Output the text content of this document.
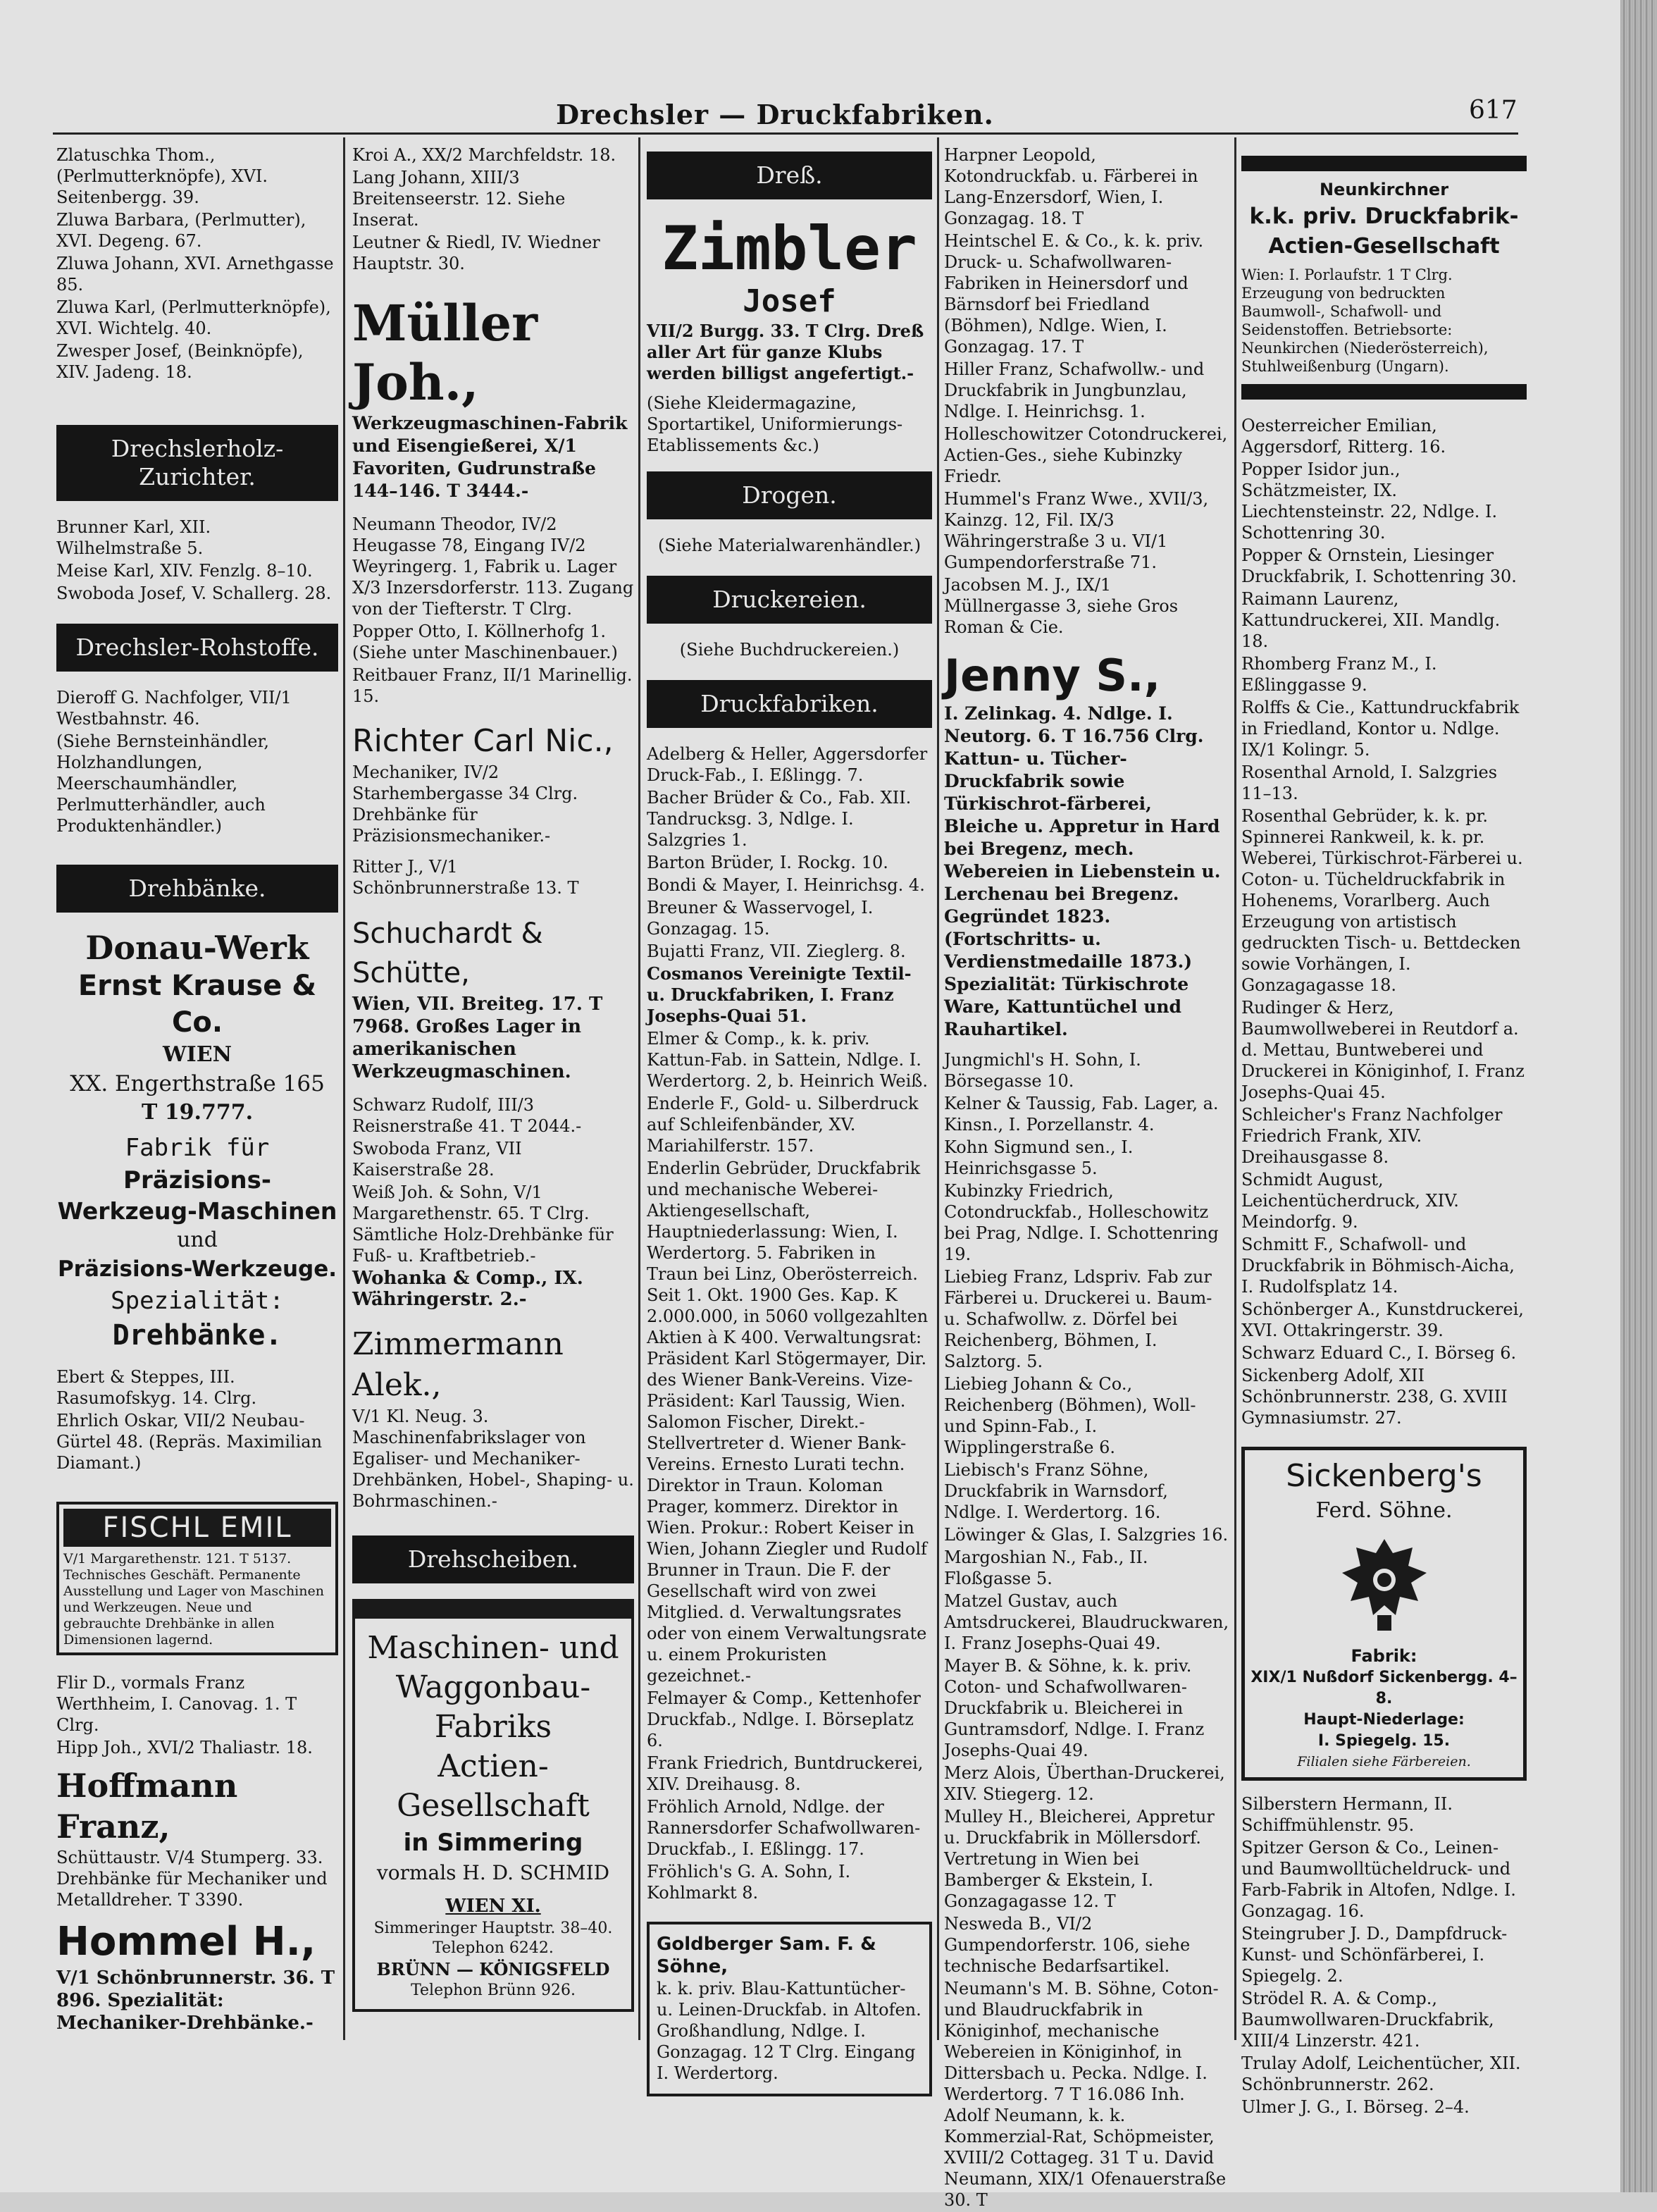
Drechsler — Druckfabriken.	617

Zlatuschka Thom., (Perlmutterknöpfe), XVI. Seitenbergg. 39.

Zluwa Barbara, (Perlmutter), XVI. Degeng. 67.

Zluwa Johann, XVI. Arnethgasse 85.

Zluwa Karl, (Perlmutterknöpfe), XVI. Wichtelg. 40.

Zwesper Josef, (Beinknöpfe), XIV. Jadeng. 18.

Drechslerholz-Zurichter.

Brunner Karl, XII. Wilhelmstraße 5.

Meise Karl, XIV. Fenzlg. 8–10.

Swoboda Josef, V. Schallerg. 28.

Drechsler-Rohstoffe.

Dieroff G. Nachfolger, VII/1 Westbahnstr. 46.

(Siehe Bernsteinhändler, Holzhandlungen, Meerschaumhändler, Perlmutterhändler, auch Produktenhändler.)

Drehbänke.
Donau-Werk
Ernst Krause & Co.
WIEN
XX. Engerthstraße 165
T 19.777.
Fabrik für
Präzisions-
Werkzeug-Maschinen
und
Präzisions-Werkzeuge.
Spezialität:
Drehbänke.

Ebert & Steppes, III. Rasumofskyg. 14. Clrg.

Ehrlich Oskar, VII/2 Neubau-Gürtel 48. (Repräs. Maximilian Diamant.)

FISCHL EMIL
V/1 Margarethenstr. 121. T 5137. Technisches Geschäft. Permanente Ausstellung und Lager von Maschinen und Werkzeugen. Neue und gebrauchte Drehbänke in allen Dimensionen lagernd.

Flir D., vormals Franz Werthheim, I. Canovag. 1. T Clrg.

Hipp Joh., XVI/2 Thaliastr. 18.

Hoffmann Franz,

Schüttaustr. V/4 Stumperg. 33. Drehbänke für Mechaniker und Metalldreher. T 3390.

Hommel H.,

V/1 Schönbrunnerstr. 36. T 896. Spezialität: Mechaniker-Drehbänke.-

Kroi A., XX/2 Marchfeldstr. 18.

Lang Johann, XIII/3 Breitenseerstr. 12. Siehe Inserat.

Leutner & Riedl, IV. Wiedner Hauptstr. 30.

Müller Joh.,

Werkzeugmaschinen-Fabrik und Eisengießerei, X/1 Favoriten, Gudrunstraße 144–146. T 3444.-

Neumann Theodor, IV/2 Heugasse 78, Eingang IV/2 Weyringerg. 1, Fabrik u. Lager X/3 Inzersdorferstr. 113. Zugang von der Tiefterstr. T Clrg.

Popper Otto, I. Köllnerhofg 1. (Siehe unter Maschinenbauer.)

Reitbauer Franz, II/1 Marinellig. 15.

Richter Carl Nic.,

Mechaniker, IV/2 Starhembergasse 34 Clrg. Drehbänke für Präzisionsmechaniker.-

Ritter J., V/1 Schönbrunnerstraße 13. T

Schuchardt & Schütte,

Wien, VII. Breiteg. 17. T 7968. Großes Lager in amerikanischen Werkzeugmaschinen.

Schwarz Rudolf, III/3 Reisnerstraße 41. T 2044.-

Swoboda Franz, VII Kaiserstraße 28.

Weiß Joh. & Sohn, V/1 Margarethenstr. 65. T Clrg. Sämtliche Holz-Drehbänke für Fuß- u. Kraftbetrieb.-

Wohanka & Comp., IX. Währingerstr. 2.-

Zimmermann Alek.,

V/1 Kl. Neug. 3. Maschinenfabrikslager von Egaliser- und Mechaniker-Drehbänken, Hobel-, Shaping- u. Bohrmaschinen.-

Drehscheiben.
Maschinen- und
Waggonbau-Fabriks
Actien-Gesellschaft
in Simmering
vormals H. D. SCHMID
WIEN XI.
Simmeringer Hauptstr. 38–40.
Telephon 6242.
BRÜNN — KÖNIGSFELD
Telephon Brünn 926.
Dreß.
Zimbler
Josef

VII/2 Burgg. 33. T Clrg. Dreß aller Art für ganze Klubs werden billigst angefertigt.-

(Siehe Kleidermagazine, Sportartikel, Uniformierungs-Etablissements &c.)

Drogen.

(Siehe Materialwarenhändler.)

Druckereien.

(Siehe Buchdruckereien.)

Druckfabriken.

Adelberg & Heller, Aggersdorfer Druck-Fab., I. Eßlingg. 7.

Bacher Brüder & Co., Fab. XII. Tandrucksg. 3, Ndlge. I. Salzgries 1.

Barton Brüder, I. Rockg. 10.

Bondi & Mayer, I. Heinrichsg. 4.

Breuner & Wasservogel, I. Gonzagag. 15.

Bujatti Franz, VII. Zieglerg. 8.

Cosmanos Vereinigte Textil- u. Druckfabriken, I. Franz Josephs-Quai 51.

Elmer & Comp., k. k. priv. Kattun-Fab. in Sattein, Ndlge. I. Werdertorg. 2, b. Heinrich Weiß.

Enderle F., Gold- u. Silberdruck auf Schleifenbänder, XV. Mariahilferstr. 157.

Enderlin Gebrüder, Druckfabrik und mechanische Weberei-Aktiengesellschaft, Hauptniederlassung: Wien, I. Werdertorg. 5. Fabriken in Traun bei Linz, Oberösterreich. Seit 1. Okt. 1900 Ges. Kap. K 2.000.000, in 5060 vollgezahlten Aktien à K 400. Verwaltungsrat: Präsident Karl Stögermayer, Dir. des Wiener Bank-Vereins. Vize-Präsident: Karl Taussig, Wien. Salomon Fischer, Direkt.-Stellvertreter d. Wiener Bank-Vereins. Ernesto Lurati techn. Direktor in Traun. Koloman Prager, kommerz. Direktor in Wien. Prokur.: Robert Keiser in Wien, Johann Ziegler und Rudolf Brunner in Traun. Die F. der Gesellschaft wird von zwei Mitglied. d. Verwaltungsrates oder von einem Verwaltungsrate u. einem Prokuristen gezeichnet.-

Felmayer & Comp., Kettenhofer Druckfab., Ndlge. I. Börseplatz 6.

Frank Friedrich, Buntdruckerei, XIV. Dreihausg. 8.

Fröhlich Arnold, Ndlge. der Rannersdorfer Schafwollwaren-Druckfab., I. Eßlingg. 17.

Fröhlich's G. A. Sohn, I. Kohlmarkt 8.

Goldberger Sam. F. & Söhne,

k. k. priv. Blau-Kattuntücher- u. Leinen-Druckfab. in Altofen. Großhandlung, Ndlge. I. Gonzagag. 12 T Clrg. Eingang I. Werdertorg.

Harpner Leopold, Kotondruckfab. u. Färberei in Lang-Enzersdorf, Wien, I. Gonzagag. 18. T

Heintschel E. & Co., k. k. priv. Druck- u. Schafwollwaren-Fabriken in Heinersdorf und Bärnsdorf bei Friedland (Böhmen), Ndlge. Wien, I. Gonzagag. 17. T

Hiller Franz, Schafwollw.- und Druckfabrik in Jungbunzlau, Ndlge. I. Heinrichsg. 1.

Holleschowitzer Cotondruckerei, Actien-Ges., siehe Kubinzky Friedr.

Hummel's Franz Wwe., XVII/3, Kainzg. 12, Fil. IX/3 Währingerstraße 3 u. VI/1 Gumpendorferstraße 71.

Jacobsen M. J., IX/1 Müllnergasse 3, siehe Gros Roman & Cie.

Jenny S.,

I. Zelinkag. 4. Ndlge. I. Neutorg. 6. T 16.756 Clrg. Kattun- u. Tücher-Druckfabrik sowie Türkischrot-färberei, Bleiche u. Appretur in Hard bei Bregenz, mech. Webereien in Liebenstein u. Lerchenau bei Bregenz. Gegründet 1823. (Fortschritts- u. Verdienstmedaille 1873.) Spezialität: Türkischrote Ware, Kattuntüchel und Rauhartikel.

Jungmichl's H. Sohn, I. Börsegasse 10.

Kelner & Taussig, Fab. Lager, a. Kinsn., I. Porzellanstr. 4.

Kohn Sigmund sen., I. Heinrichsgasse 5.

Kubinzky Friedrich, Cotondruckfab., Holleschowitz bei Prag, Ndlge. I. Schottenring 19.

Liebieg Franz, Ldspriv. Fab zur Färberei u. Druckerei u. Baum- u. Schafwollw. z. Dörfel bei Reichenberg, Böhmen, I. Salztorg. 5.

Liebieg Johann & Co., Reichenberg (Böhmen), Woll- und Spinn-Fab., I. Wipplingerstraße 6.

Liebisch's Franz Söhne, Druckfabrik in Warnsdorf, Ndlge. I. Werdertorg. 16.

Löwinger & Glas, I. Salzgries 16.

Margoshian N., Fab., II. Floßgasse 5.

Matzel Gustav, auch Amtsdruckerei, Blaudruckwaren, I. Franz Josephs-Quai 49.

Mayer B. & Söhne, k. k. priv. Coton- und Schafwollwaren-Druckfabrik u. Bleicherei in Guntramsdorf, Ndlge. I. Franz Josephs-Quai 49.

Merz Alois, Überthan-Druckerei, XIV. Stiegerg. 12.

Mulley H., Bleicherei, Appretur u. Druckfabrik in Möllersdorf. Vertretung in Wien bei Bamberger & Ekstein, I. Gonzagagasse 12. T

Neswedа B., VI/2 Gumpendorferstr. 106, siehe technische Bedarfsartikel.

Neumann's M. B. Söhne, Coton- und Blaudruckfabrik in Königinhof, mechanische Webereien in Königinhof, in Dittersbach u. Pecka. Ndlge. I. Werdertorg. 7 T 16.086 Inh. Adolf Neumann, k. k. Kommerzial-Rat, Schöpmeister, XVIII/2 Cottageg. 31 T u. David Neumann, XIX/1 Ofenauerstraße 30. T

Neunkirchner
k.k. priv. Druckfabrik-
Actien-Gesellschaft

Wien: I. Porlaufstr. 1 T Clrg. Erzeugung von bedruckten Baumwoll-, Schafwoll- und Seidenstoffen. Betriebsorte: Neunkirchen (Niederösterreich), Stuhlweißenburg (Ungarn).

Oesterreicher Emilian, Aggersdorf, Ritterg. 16.

Popper Isidor jun., Schätzmeister, IX. Liechtensteinstr. 22, Ndlge. I. Schottenring 30.

Popper & Ornstein, Liesinger Druckfabrik, I. Schottenring 30.

Raimann Laurenz, Kattundruckerei, XII. Mandlg. 18.

Rhomberg Franz M., I. Eßlinggasse 9.

Rolffs & Cie., Kattundruckfabrik in Friedland, Kontor u. Ndlge. IX/1 Kolingr. 5.

Rosenthal Arnold, I. Salzgries 11–13.

Rosenthal Gebrüder, k. k. pr. Spinnerei Rankweil, k. k. pr. Weberei, Türkischrot-Färberei u. Coton- u. Tücheldruckfabrik in Hohenems, Vorarlberg. Auch Erzeugung von artistisch gedruckten Tisch- u. Bettdecken sowie Vorhängen, I. Gonzagagasse 18.

Rudinger & Herz, Baumwollweberei in Reutdorf a. d. Mettau, Buntweberei und Druckerei in Königinhof, I. Franz Josephs-Quai 45.

Schleicher's Franz Nachfolger Friedrich Frank, XIV. Dreihausgasse 8.

Schmidt August, Leichentücherdruck, XIV. Meindorfg. 9.

Schmitt F., Schafwoll- und Druckfabrik in Böhmisch-Aicha, I. Rudolfsplatz 14.

Schönberger A., Kunstdruckerei, XVI. Ottakringerstr. 39.

Schwarz Eduard C., I. Börseg 6.

Sickenberg Adolf, XII Schönbrunnerstr. 238, G. XVIII Gymnasiumstr. 27.

Sickenberg's
Ferd. Söhne.
Fabrik:
XIX/1 Nußdorf Sickenbergg. 4–8.
Haupt-Niederlage:
I. Spiegelg. 15.
Filialen siehe Färbereien.

Silberstern Hermann, II. Schiffmühlenstr. 95.

Spitzer Gerson & Co., Leinen- und Baumwolltücheldruck- und Farb-Fabrik in Altofen, Ndlge. I. Gonzagag. 16.

Steingruber J. D., Dampfdruck-Kunst- und Schönfärberei, I. Spiegelg. 2.

Strödel R. A. & Comp., Baumwollwaren-Druckfabrik, XIII/4 Linzerstr. 421.

Trulay Adolf, Leichentücher, XII. Schönbrunnerstr. 262.

Ulmer J. G., I. Börseg. 2–4.
